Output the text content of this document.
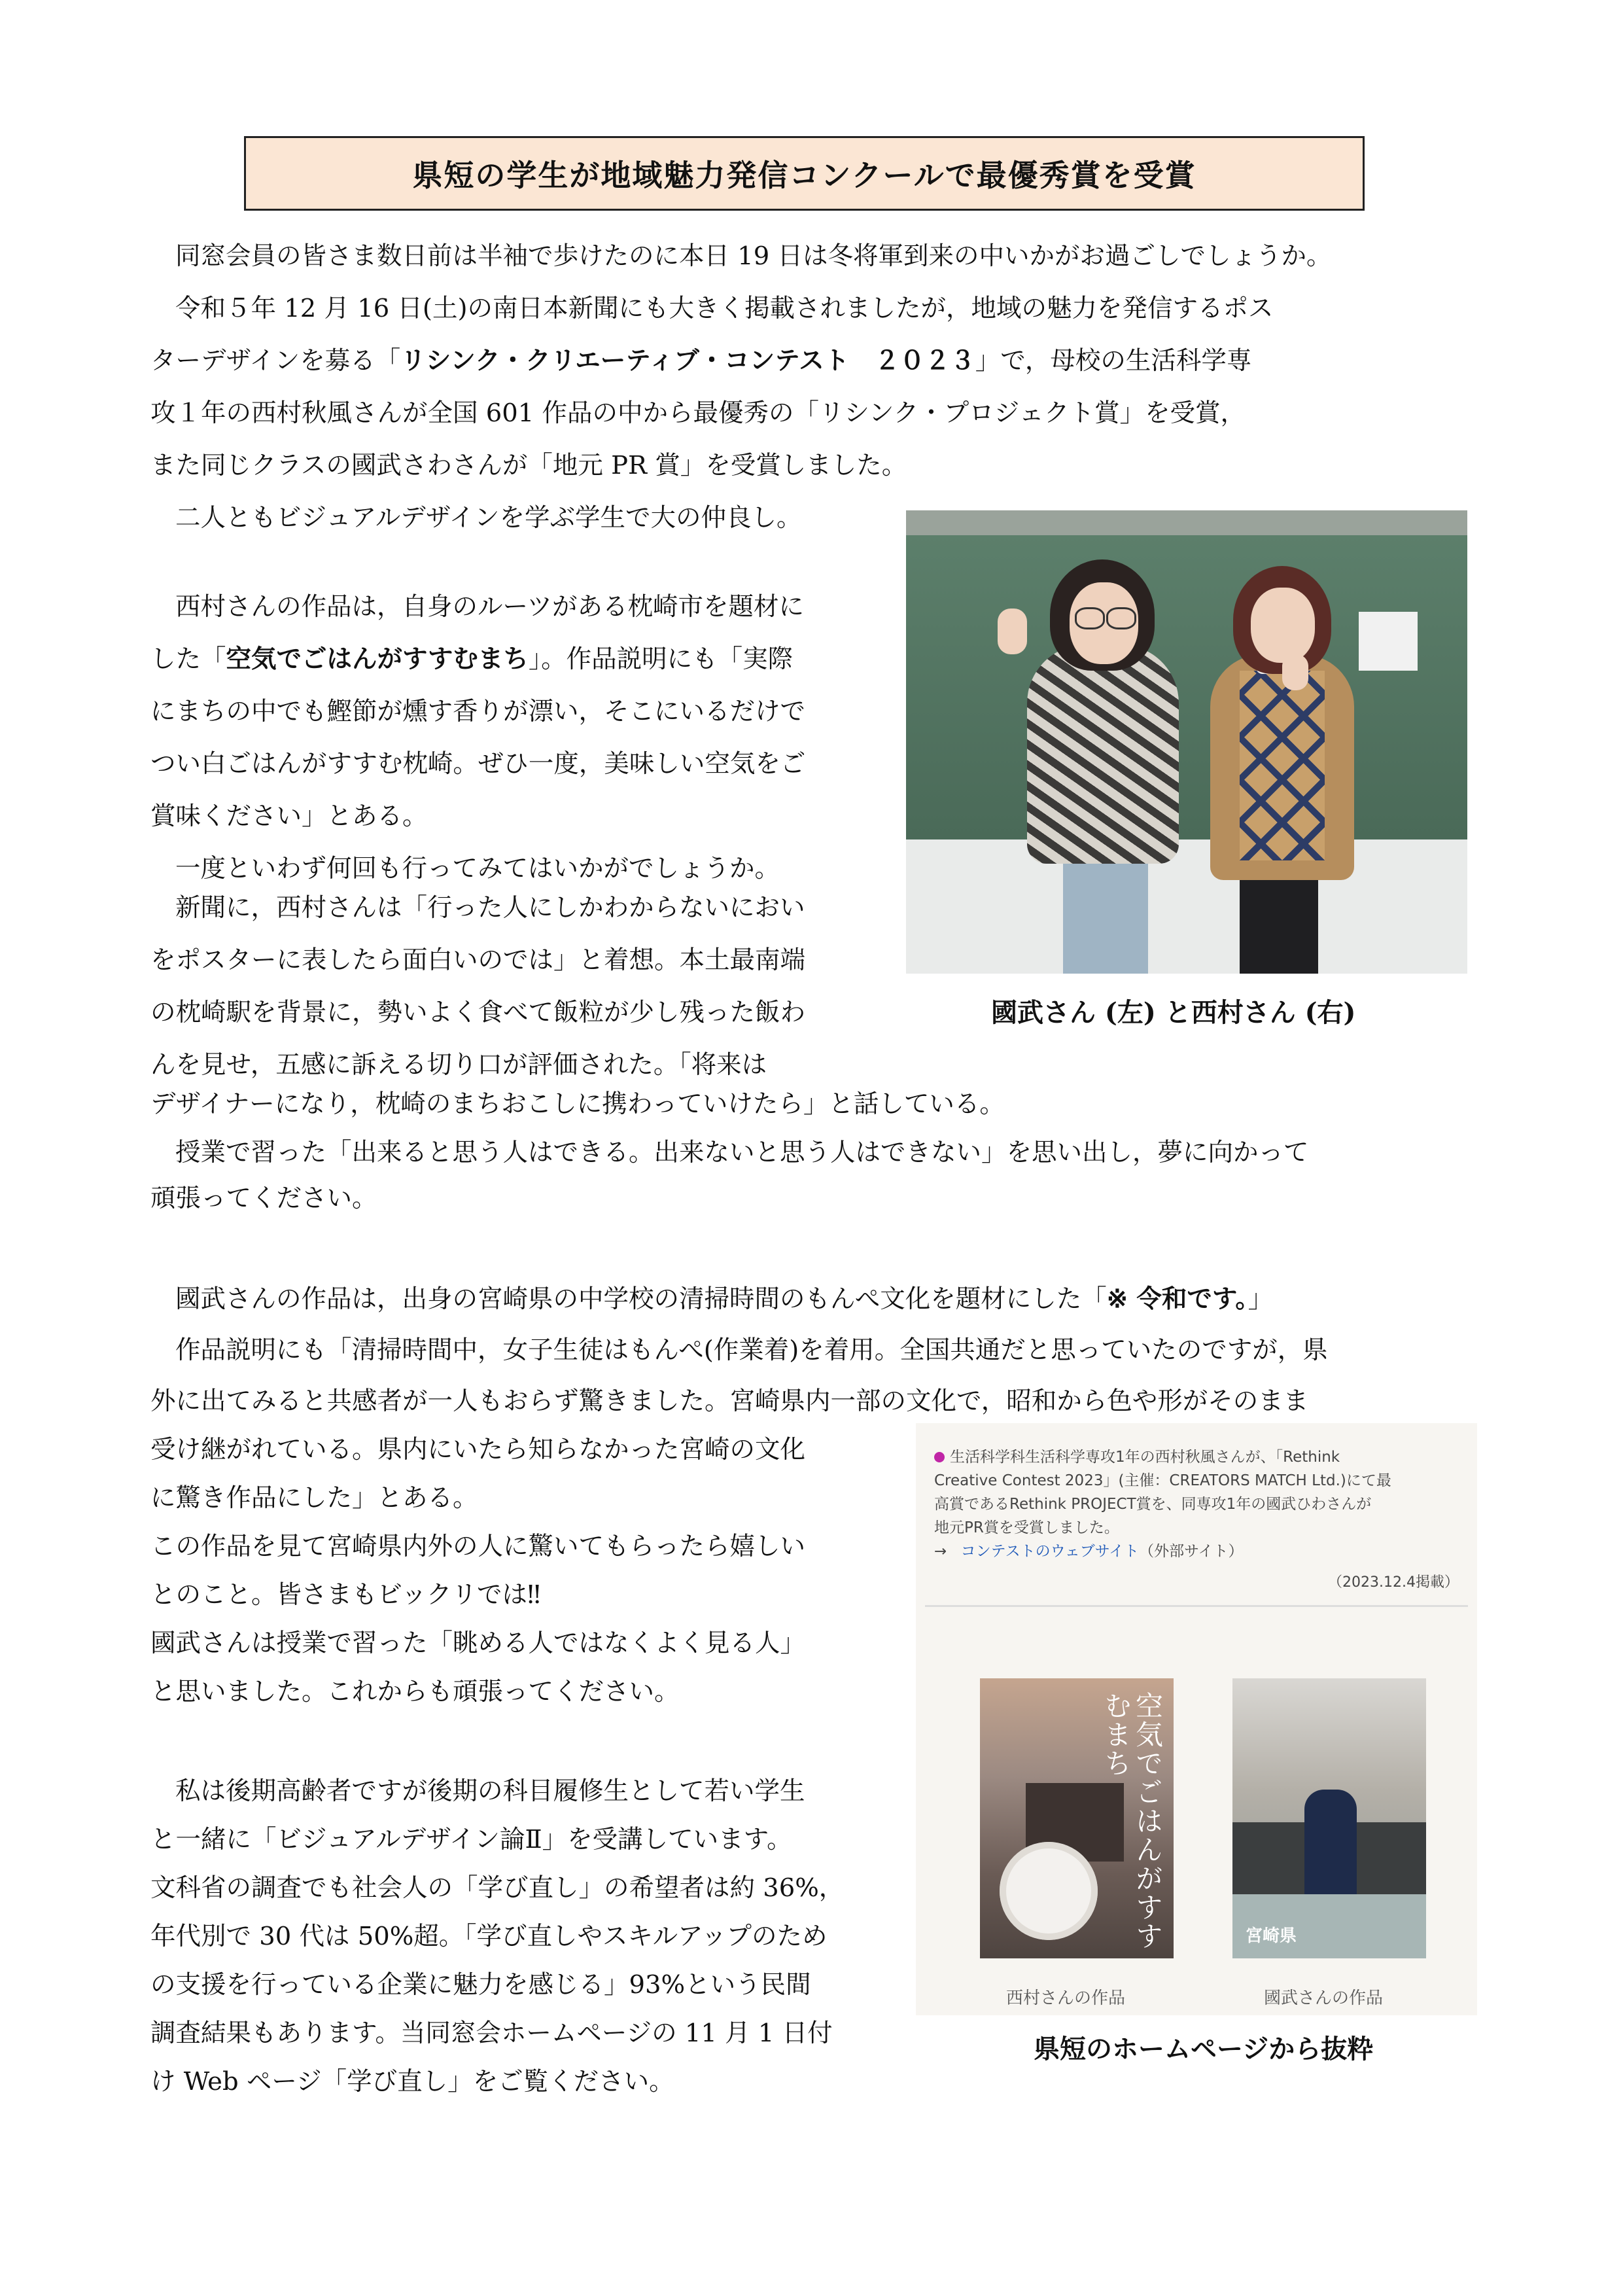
県短の学生が地域魅力発信コンクールで最優秀賞を受賞

同窓会員の皆さま数日前は半袖で歩けたのに本日 19 日は冬将軍到来の中いかがお過ごしでしょうか。

令和５年 12 月 16 日(土)の南日本新聞にも大きく掲載されましたが，地域の魅力を発信するポス

ターデザインを募る「リシンク・クリエーティブ・コンテスト　２０２３」で，母校の生活科学専

攻１年の西村秋風さんが全国 601 作品の中から最優秀の「リシンク・プロジェクト賞」を受賞，

また同じクラスの國武さわさんが「地元 PR 賞」を受賞しました。

二人ともビジュアルデザインを学ぶ学生で大の仲良し。

西村さんの作品は，自身のルーツがある枕崎市を題材に

した「空気でごはんがすすむまち」。作品説明にも「実際

にまちの中でも鰹節が燻す香りが漂い，そこにいるだけで

つい白ごはんがすすむ枕崎。ぜひ一度，美味しい空気をご

賞味ください」とある。

一度といわず何回も行ってみてはいかがでしょうか。

新聞に，西村さんは「行った人にしかわからないにおい

をポスターに表したら面白いのでは」と着想。本土最南端

の枕崎駅を背景に，勢いよく食べて飯粒が少し残った飯わ

んを見せ，五感に訴える切り口が評価された。「将来は

デザイナーになり，枕崎のまちおこしに携わっていけたら」と話している。

國武さん (左) と西村さん (右)

授業で習った「出来ると思う人はできる。出来ないと思う人はできない」を思い出し，夢に向かって

頑張ってください。

國武さんの作品は，出身の宮崎県の中学校の清掃時間のもんぺ文化を題材にした「※ 令和です。」

作品説明にも「清掃時間中，女子生徒はもんぺ(作業着)を着用。全国共通だと思っていたのですが，県

外に出てみると共感者が一人もおらず驚きました。宮崎県内一部の文化で，昭和から色や形がそのまま

受け継がれている。県内にいたら知らなかった宮崎の文化

に驚き作品にした」とある。

この作品を見て宮崎県内外の人に驚いてもらったら嬉しい

とのこと。皆さまもビックリでは‼

國武さんは授業で習った「眺める人ではなくよく見る人」

と思いました。これからも頑張ってください。

生活科学科生活科学専攻1年の西村秋風さんが、「Rethink
Creative Contest 2023」(主催：CREATORS MATCH Ltd.)にて最
高賞であるRethink PROJECT賞を、同専攻1年の國武ひわさんが
地元PR賞を受賞しました。
→ コンテストのウェブサイト（外部サイト）
（2023.12.4掲載）
空気でごはんがすすむまち
宮崎県
西村さんの作品	國武さんの作品

県短のホームページから抜粋

私は後期高齢者ですが後期の科目履修生として若い学生

と一緒に「ビジュアルデザイン論Ⅱ」を受講しています。

文科省の調査でも社会人の「学び直し」の希望者は約 36%，

年代別で 30 代は 50%超。「学び直しやスキルアップのため

の支援を行っている企業に魅力を感じる」93%という民間

調査結果もあります。当同窓会ホームページの 11 月 1 日付

け Web ページ「学び直し」をご覧ください。
